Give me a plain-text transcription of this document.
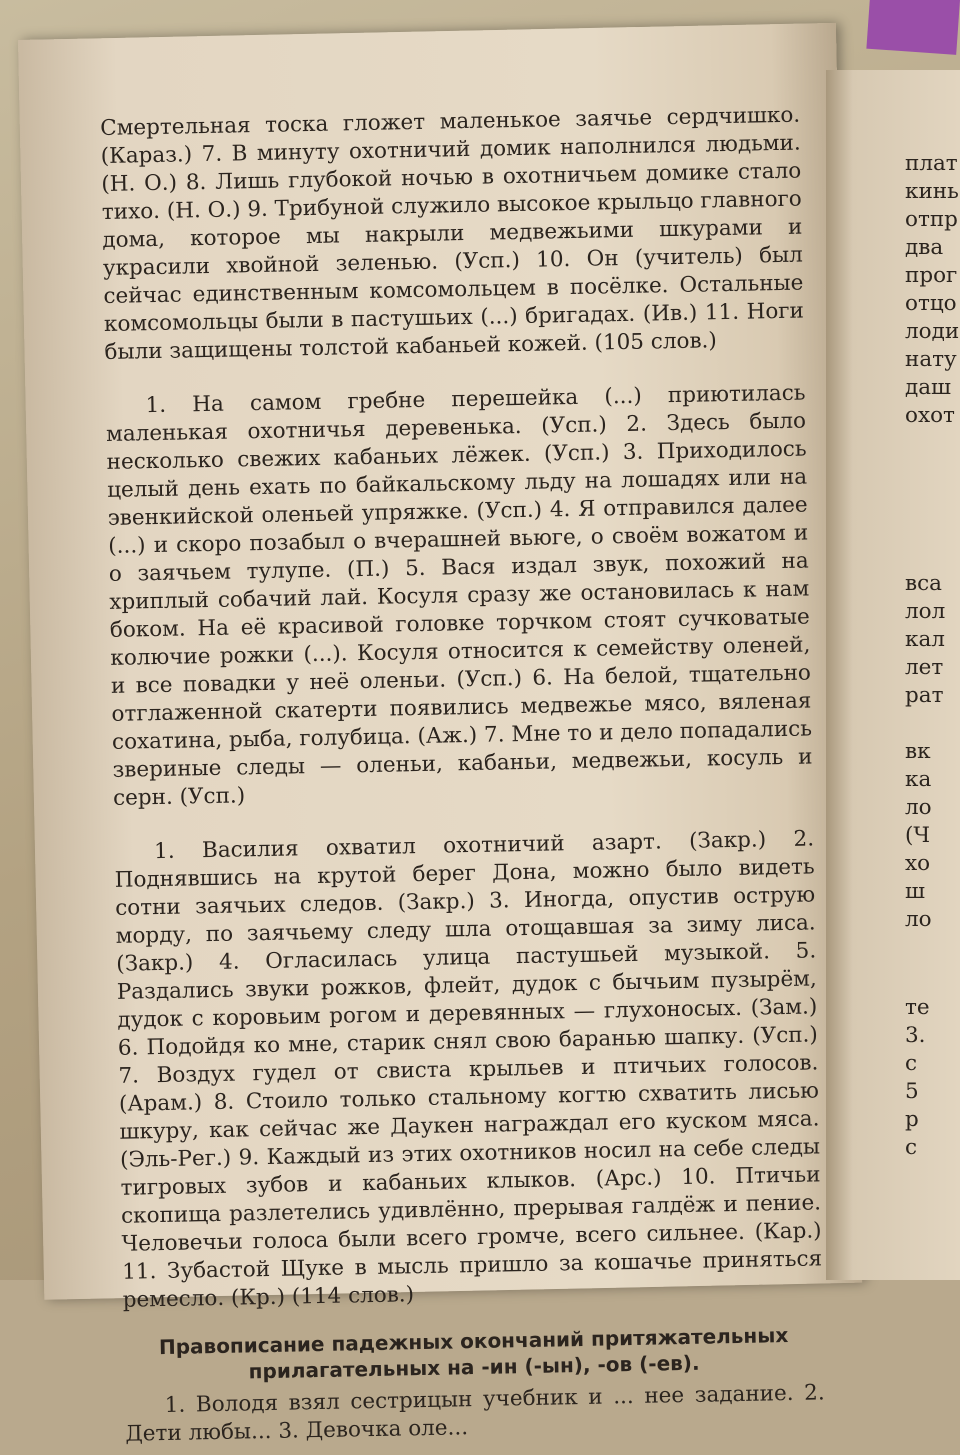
Смертельная тоска гложет маленькое заячье сердчишко. (Караз.) 7. В минуту охотничий домик наполнился людьми. (Н. О.) 8. Лишь глубокой ночью в охотничьем домике стало тихо. (Н. О.) 9. Трибуной служило высокое крыльцо главного дома, которое мы накрыли медвежьими шкурами и украсили хвойной зеленью. (Усп.) 10. Он (учитель) был сейчас единственным комсомольцем в посёлке. Остальные комсомольцы были в пастушьих (...) бригадах. (Ив.) 11. Ноги были защищены толстой кабаньей кожей. (105 слов.)

1. На самом гребне перешейка (...) приютилась маленькая охотничья деревенька. (Усп.) 2. Здесь было несколько свежих кабаньих лёжек. (Усп.) 3. Приходилось целый день ехать по байкальскому льду на лошадях или на эвенкийской оленьей упряжке. (Усп.) 4. Я отправился далее (...) и скоро позабыл о вчерашней вьюге, о своём вожатом и о заячьем тулупе. (П.) 5. Вася издал звук, похожий на хриплый собачий лай. Косуля сразу же остановилась к нам боком. На её красивой головке торчком стоят сучковатые колючие рожки (...). Косуля относится к семейству оленей, и все повадки у неё оленьи. (Усп.) 6. На белой, тщательно отглаженной скатерти появились медвежье мясо, вяленая сохатина, рыба, голубица. (Аж.) 7. Мне то и дело попадались звериные следы — оленьи, кабаньи, медвежьи, косуль и серн. (Усп.)

1. Василия охватил охотничий азарт. (Закр.) 2. Поднявшись на крутой берег Дона, можно было видеть сотни заячьих следов. (Закр.) 3. Иногда, опустив острую морду, по заячьему следу шла отощавшая за зиму лиса. (Закр.) 4. Огласилась улица пастушьей музыкой. 5. Раздались звуки рожков, флейт, дудок с бычьим пузырём, дудок с коровьим рогом и деревянных — глухоносых. (Зам.) 6. Подойдя ко мне, старик снял свою баранью шапку. (Усп.) 7. Воздух гудел от свиста крыльев и птичьих голосов. (Арам.) 8. Стоило только стальному когтю схватить лисью шкуру, как сейчас же Даукен награждал его куском мяса. (Эль-Рег.) 9. Каждый из этих охотников носил на себе следы тигровых зубов и кабаньих клыков. (Арс.) 10. Птичьи скопища разлетелись удивлённо, прерывая галдёж и пение. Человечьи голоса были всего громче, всего сильнее. (Кар.) 11. Зубастой Щуке в мысль пришло за кошачье приняться ремесло. (Кр.) (114 слов.)

Правописание падежных окончаний притяжательных прилагательных на -ин (-ын), -ов (-ев).

1. Володя взял сестрицын учебник и ... нее задание. 2. Дети любы... 3. Девочка оле...

плат
кинь
отпр
два
прог
отцо
лоди
нату
даш
охот
вса
лол
кал
лет
рат
вк
ка
ло
(Ч
хо
ш
ло
те
3.
с
5
р
с
